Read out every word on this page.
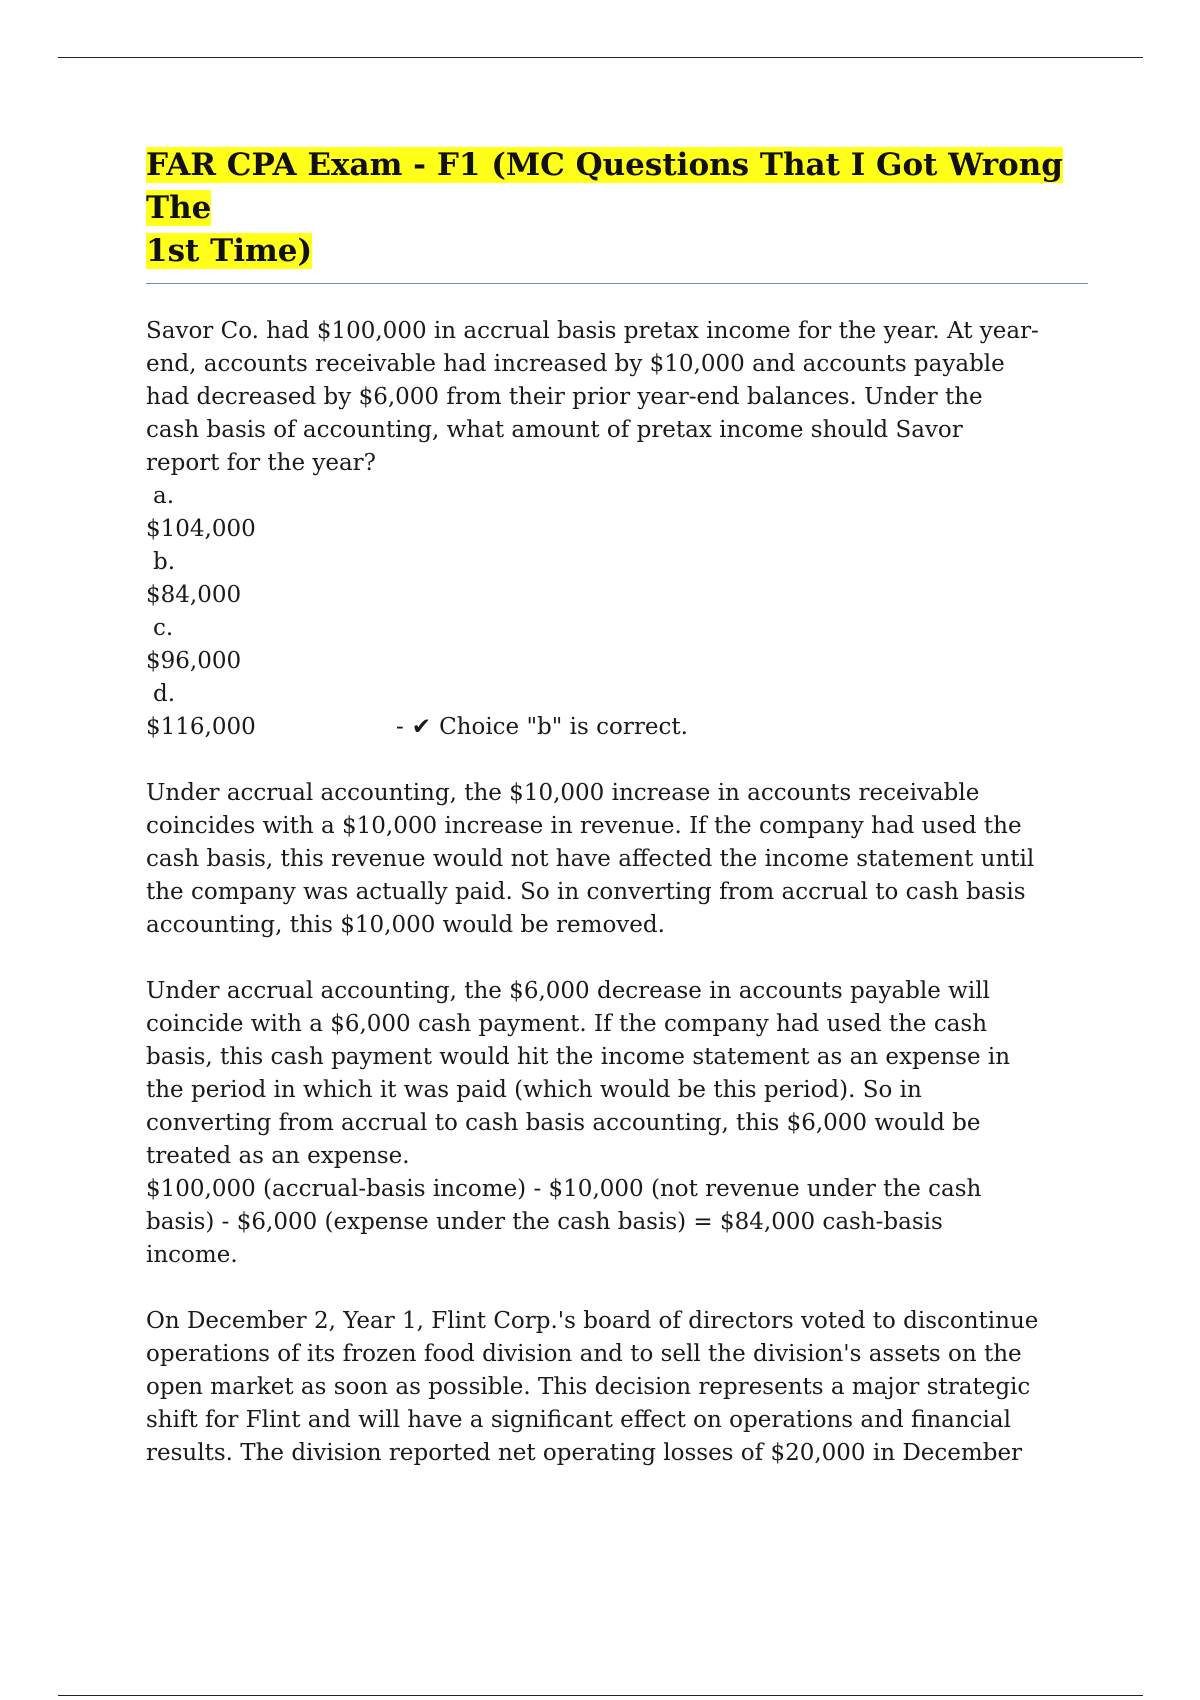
FAR CPA Exam - F1 (MC Questions That I Got Wrong The
1st Time)

Savor Co. had $100,000 in accrual basis pretax income for the year. At year-
end, accounts receivable had increased by $10,000 and accounts payable
had decreased by $6,000 from their prior year-end balances. Under the
cash basis of accounting, what amount of pretax income should Savor
report for the year?

a.
$104,000
b.
$84,000
c.
$96,000
d.
$116,000	- ✔ Choice "b" is correct.

Under accrual accounting, the $10,000 increase in accounts receivable
coincides with a $10,000 increase in revenue. If the company had used the
cash basis, this revenue would not have affected the income statement until
the company was actually paid. So in converting from accrual to cash basis
accounting, this $10,000 would be removed.

Under accrual accounting, the $6,000 decrease in accounts payable will
coincide with a $6,000 cash payment. If the company had used the cash
basis, this cash payment would hit the income statement as an expense in
the period in which it was paid (which would be this period). So in
converting from accrual to cash basis accounting, this $6,000 would be
treated as an expense.
$100,000 (accrual-basis income) - $10,000 (not revenue under the cash
basis) - $6,000 (expense under the cash basis) = $84,000 cash-basis
income.

On December 2, Year 1, Flint Corp.'s board of directors voted to discontinue
operations of its frozen food division and to sell the division's assets on the
open market as soon as possible. This decision represents a major strategic
shift for Flint and will have a significant effect on operations and financial
results. The division reported net operating losses of $20,000 in December
